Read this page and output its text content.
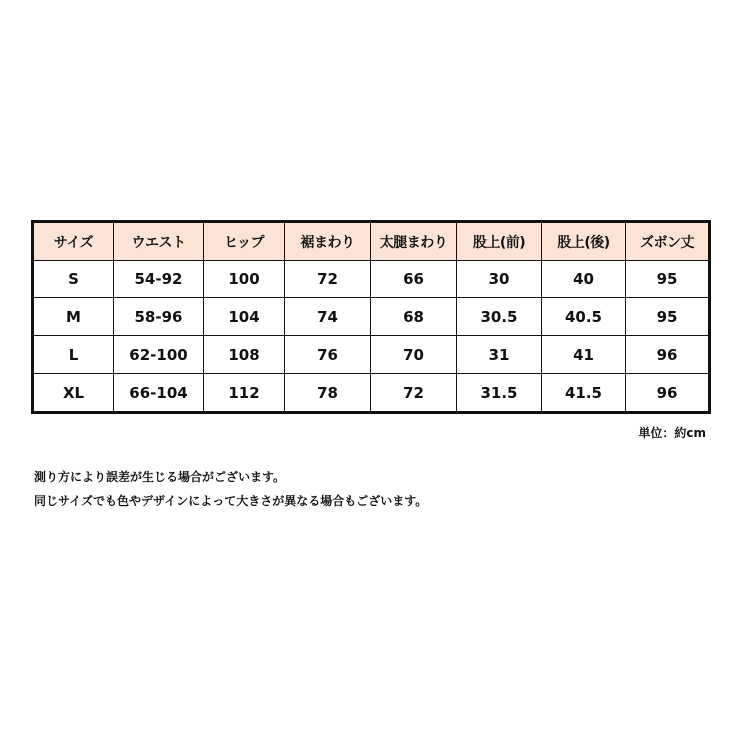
サイズ	ウエスト	ヒップ	裾まわり	太腿まわり	股上(前)	股上(後)	ズボン丈
S	54-92	100	72	66	30	40	95
M	58-96	104	74	68	30.5	40.5	95
L	62-100	108	76	70	31	41	96
XL	66-104	112	78	72	31.5	41.5	96
単位：約cm

測り方により誤差が生じる場合がございます。

同じサイズでも色やデザインによって大きさが異なる場合もございます。
